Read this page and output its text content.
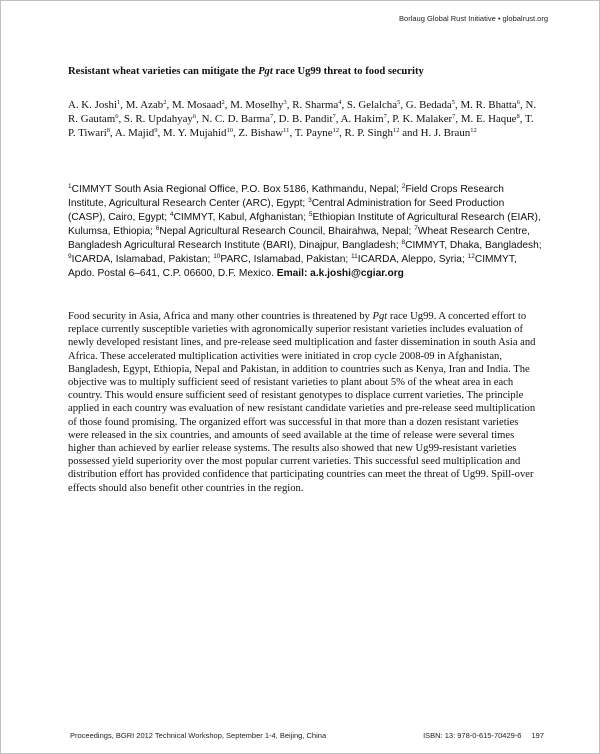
Borlaug Global Rust Initiative • globalrust.org
Resistant wheat varieties can mitigate the Pgt race Ug99 threat to food security
A. K. Joshi$^1$, M. Azab$^2$, M. Mosaad$^2$, M. Moselhy$^3$, R. Sharma$^4$, S. Gelalcha$^5$, G. Bedada$^5$, M. R. Bhatta$^6$, N. R. Gautam$^6$, S. R. Updahyay$^6$, N. C. D. Barma$^7$, D. B. Pandit$^7$, A. Hakim$^7$, P. K. Malaker$^7$, M. E. Haque$^8$, T. P. Tiwari$^8$, A. Majid$^9$, M. Y. Mujahid$^{10}$, Z. Bishaw$^{11}$, T. Payne$^{12}$, R. P. Singh$^{12}$ and H. J. Braun$^{12}$
$^1$CIMMYT South Asia Regional Office, P.O. Box 5186, Kathmandu, Nepal; $^2$Field Crops Research Institute, Agricultural Research Center (ARC), Egypt; $^3$Central Administration for Seed Production (CASP), Cairo, Egypt; $^4$CIMMYT, Kabul, Afghanistan; $^5$Ethiopian Institute of Agricultural Research (EIAR), Kulumsa, Ethiopia; $^6$Nepal Agricultural Research Council, Bhairahwa, Nepal; $^7$Wheat Research Centre, Bangladesh Agricultural Research Institute (BARI), Dinajpur, Bangladesh; $^8$CIMMYT, Dhaka, Bangladesh; $^9$ICARDA, Islamabad, Pakistan; $^{10}$PARC, Islamabad, Pakistan; $^{11}$ICARDA, Aleppo, Syria; $^{12}$CIMMYT, Apdo. Postal 6–641, C.P. 06600, D.F. Mexico. Email: a.k.joshi@cgiar.org
Food security in Asia, Africa and many other countries is threatened by Pgt race Ug99. A concerted effort to replace currently susceptible varieties with agronomically superior resistant varieties includes evaluation of newly developed resistant lines, and pre-release seed multiplication and faster dissemination in south Asia and Africa. These accelerated multiplication activities were initiated in crop cycle 2008-09 in Afghanistan, Bangladesh, Egypt, Ethiopia, Nepal and Pakistan, in addition to countries such as Kenya, Iran and India. The objective was to multiply sufficient seed of resistant varieties to plant about 5% of the wheat area in each country. This would ensure sufficient seed of resistant genotypes to displace current varieties. The principle applied in each country was evaluation of new resistant candidate varieties and pre-release seed multiplication of those found promising. The organized effort was successful in that more than a dozen resistant varieties were released in the six countries, and amounts of seed available at the time of release were several times higher than achieved by earlier release systems. The results also showed that new Ug99-resistant varieties possessed yield superiority over the most popular current varieties. This successful seed multiplication and distribution effort has provided confidence that participating countries can meet the threat of Ug99. Spill-over effects should also benefit other countries in the region.
Proceedings, BGRI 2012 Technical Workshop, September 1-4, Beijing, China	ISBN: 13: 978-0-615-70429-6 197
